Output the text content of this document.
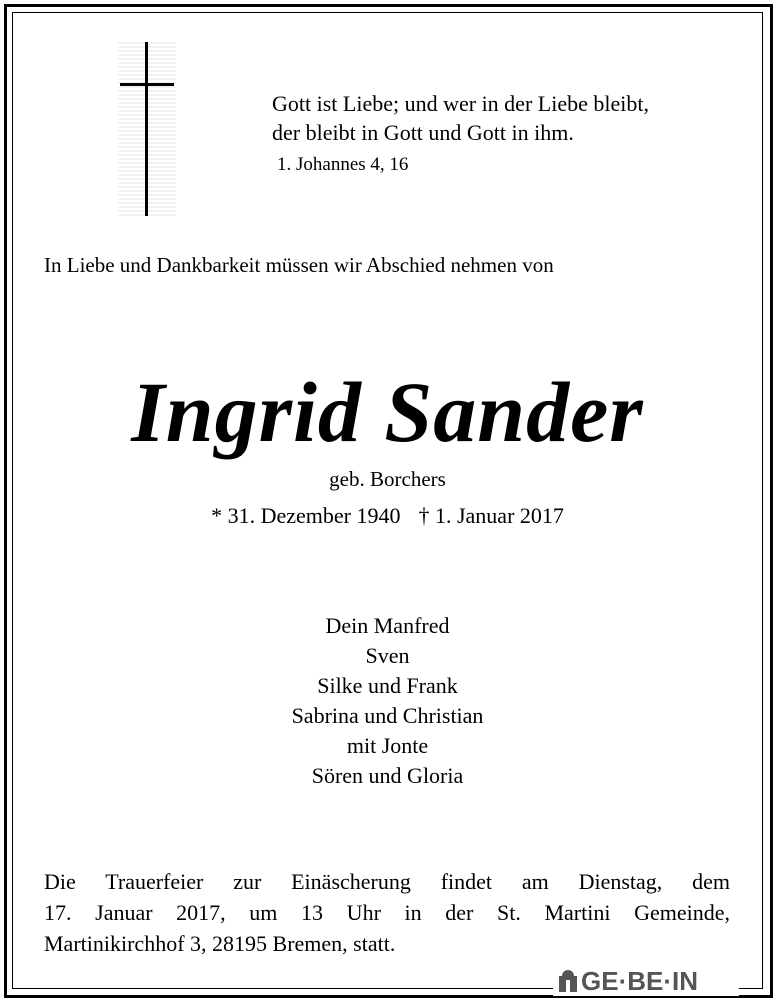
Gott ist Liebe; und wer in der Liebe bleibt,
der bleibt in Gott und Gott in ihm.
1. Johannes 4, 16
In Liebe und Dankbarkeit müssen wir Abschied nehmen von
Ingrid Sander
geb. Borchers
* 31. Dezember 1940 † 1. Januar 2017
Dein Manfred
Sven
Silke und Frank
Sabrina und Christian
mit Jonte
Sören und Gloria
Die Trauerfeier zur Einäscherung findet am Dienstag, dem
17. Januar 2017, um 13 Uhr in der St. Martini Gemeinde,
Martinikirchhof 3, 28195 Bremen, statt.
GE·BE·IN
